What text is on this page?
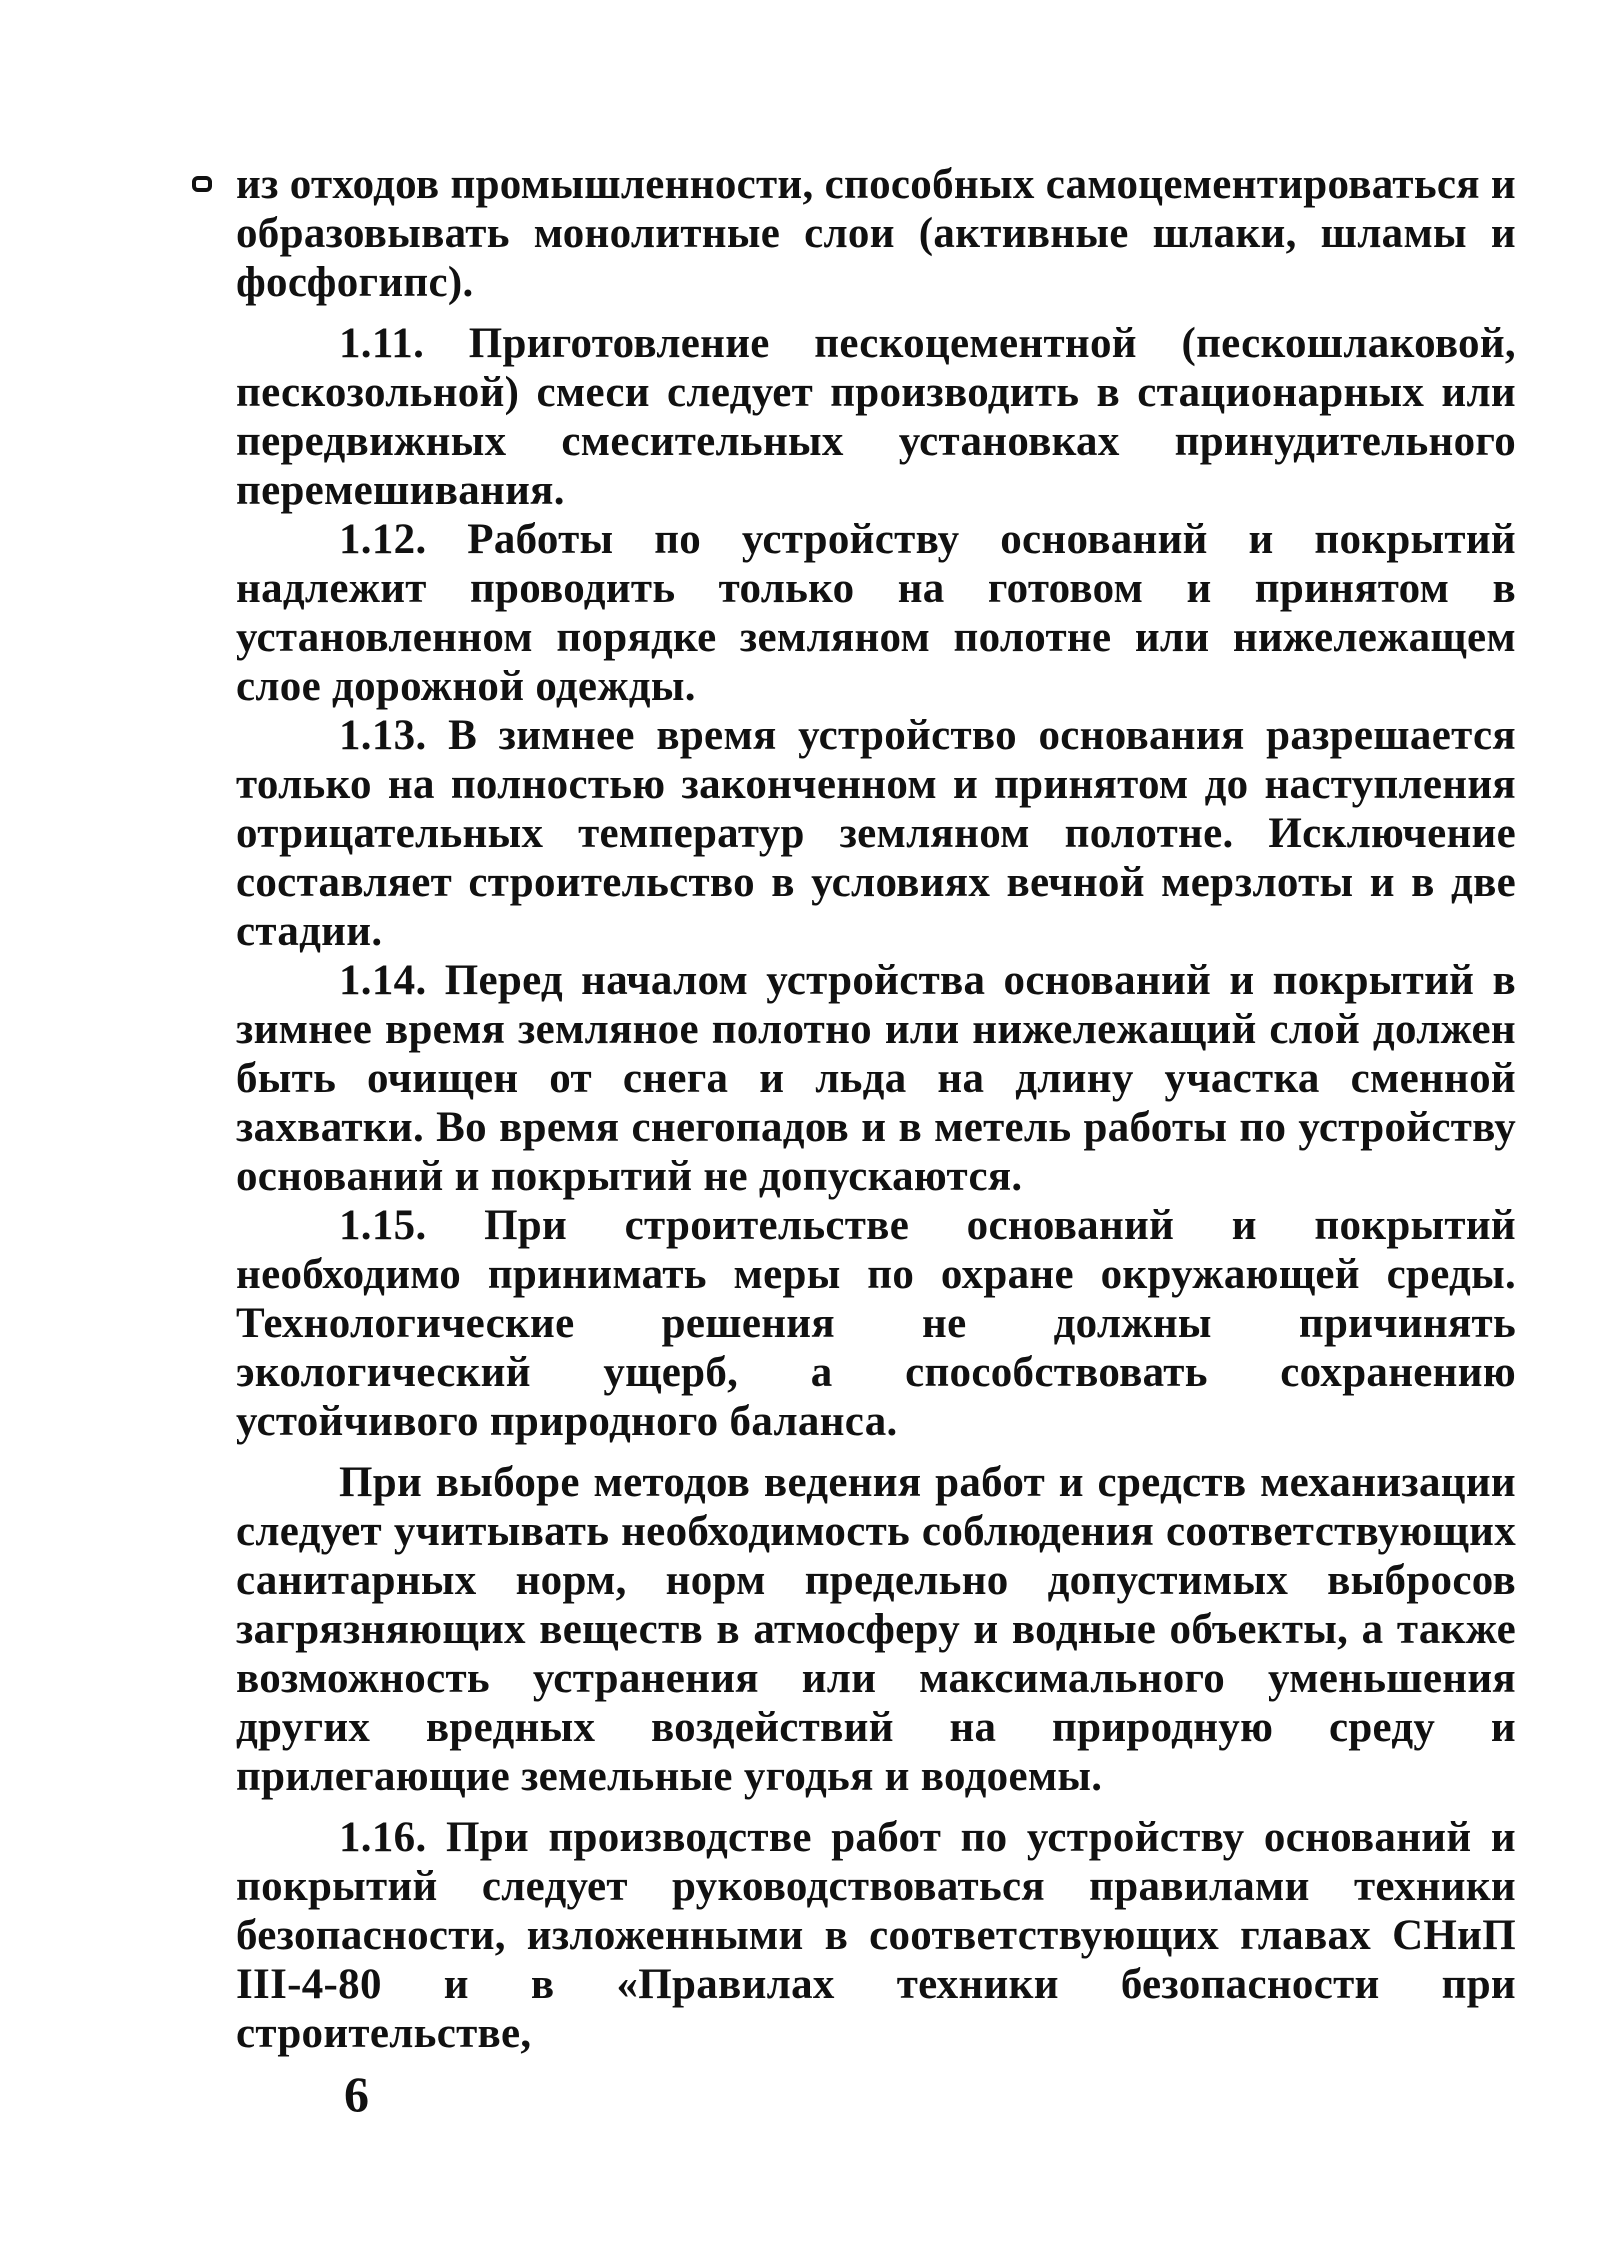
из отходов промышленности, способных самоцементироваться и образовывать монолитные слои (активные шлаки, шламы и фосфогипс).

1.11. Приготовление пескоцементной (пескошлаковой, пескозольной) смеси следует производить в стационарных или передвижных смесительных установках принудительного перемешивания.

1.12. Работы по устройству оснований и покрытий надлежит проводить только на готовом и принятом в установленном порядке земляном полотне или нижележащем слое дорожной одежды.

1.13. В зимнее время устройство основания разрешается только на полностью законченном и принятом до наступления отрицательных температур земляном полотне. Исключение составляет строительство в условиях вечной мерзлоты и в две стадии.

1.14. Перед началом устройства оснований и покрытий в зимнее время земляное полотно или нижележащий слой должен быть очищен от снега и льда на длину участка сменной захватки. Во время снегопадов и в метель работы по устройству оснований и покрытий не допускаются.

1.15. При строительстве оснований и покрытий необходимо принимать меры по охране окружающей среды. Технологические решения не должны причинять экологический ущерб, а способствовать сохранению устойчивого природного баланса.

При выборе методов ведения работ и средств механизации следует учитывать необходимость соблюдения соответствующих санитарных норм, норм предельно допустимых выбросов загрязняющих веществ в атмосферу и водные объекты, а также возможность устранения или максимального уменьшения других вредных воздействий на природную среду и прилегающие земельные угодья и водоемы.

1.16. При производстве работ по устройству оснований и покрытий следует руководствоваться правилами техники безопасности, изложенными в соответствующих главах СНиП III-4-80 и в «Правилах техники безопасности при строительстве,

6
